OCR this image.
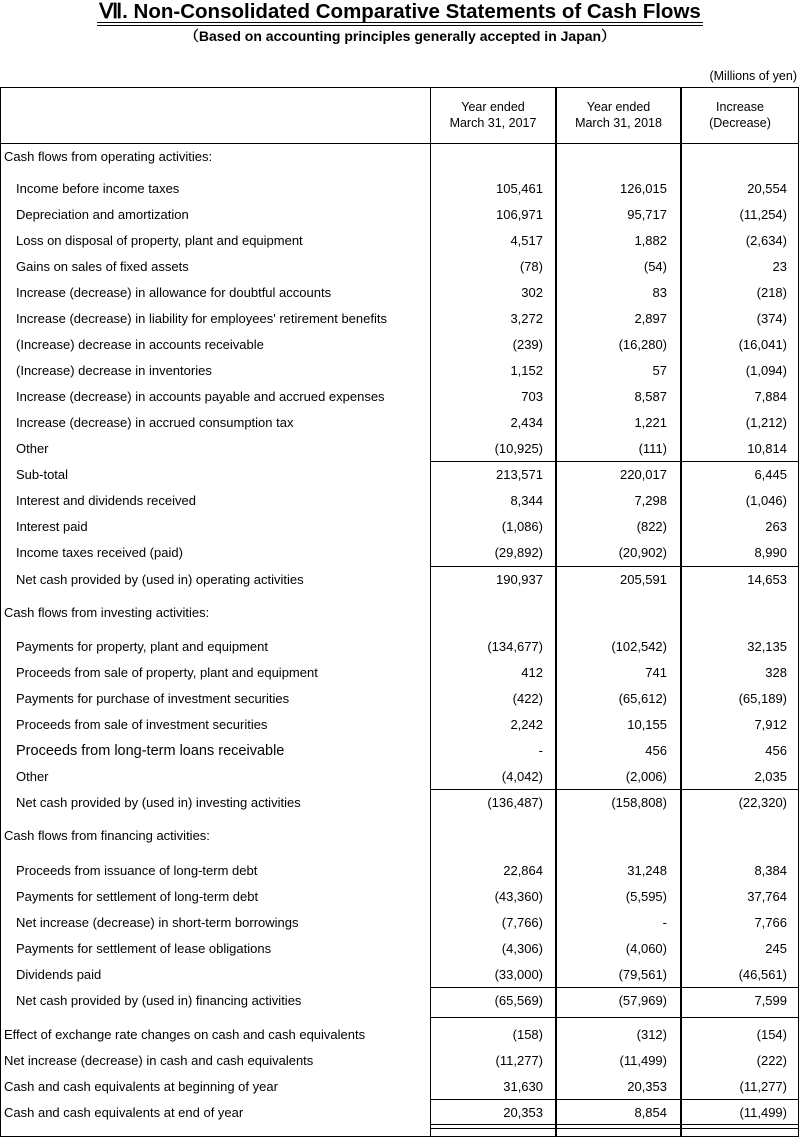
Ⅶ. Non-Consolidated Comparative Statements of Cash Flows
（Based on accounting principles generally accepted in Japan）
(Millions of yen)
Year ended
March 31, 2017
Year ended
March 31, 2018
Increase
(Decrease)
Cash flows from operating activities:
Income before income taxes	105,461	126,015	20,554
Depreciation and amortization	106,971	95,717	(11,254)
Loss on disposal of property, plant and equipment	4,517	1,882	(2,634)
Gains on sales of fixed assets	(78)	(54)	23
Increase (decrease) in allowance for doubtful accounts	302	83	(218)
Increase (decrease) in liability for employees' retirement benefits	3,272	2,897	(374)
(Increase) decrease in accounts receivable	(239)	(16,280)	(16,041)
(Increase) decrease in inventories	1,152	57	(1,094)
Increase (decrease) in accounts payable and accrued expenses	703	8,587	7,884
Increase (decrease) in accrued consumption tax	2,434	1,221	(1,212)
Other	(10,925)	(111)	10,814
Sub-total	213,571	220,017	6,445
Interest and dividends received	8,344	7,298	(1,046)
Interest paid	(1,086)	(822)	263
Income taxes received (paid)	(29,892)	(20,902)	8,990
Net cash provided by (used in) operating activities	190,937	205,591	14,653
Cash flows from investing activities:
Payments for property, plant and equipment	(134,677)	(102,542)	32,135
Proceeds from sale of property, plant and equipment	412	741	328
Payments for purchase of investment securities	(422)	(65,612)	(65,189)
Proceeds from sale of investment securities	2,242	10,155	7,912
Proceeds from long-term loans receivable	-	456	456
Other	(4,042)	(2,006)	2,035
Net cash provided by (used in) investing activities	(136,487)	(158,808)	(22,320)
Cash flows from financing activities:
Proceeds from issuance of long-term debt	22,864	31,248	8,384
Payments for settlement of long-term debt	(43,360)	(5,595)	37,764
Net increase (decrease) in short-term borrowings	(7,766)	-	7,766
Payments for settlement of lease obligations	(4,306)	(4,060)	245
Dividends paid	(33,000)	(79,561)	(46,561)
Net cash provided by (used in) financing activities	(65,569)	(57,969)	7,599
Effect of exchange rate changes on cash and cash equivalents	(158)	(312)	(154)
Net increase (decrease) in cash and cash equivalents	(11,277)	(11,499)	(222)
Cash and cash equivalents at beginning of year	31,630	20,353	(11,277)
Cash and cash equivalents at end of year	20,353	8,854	(11,499)
